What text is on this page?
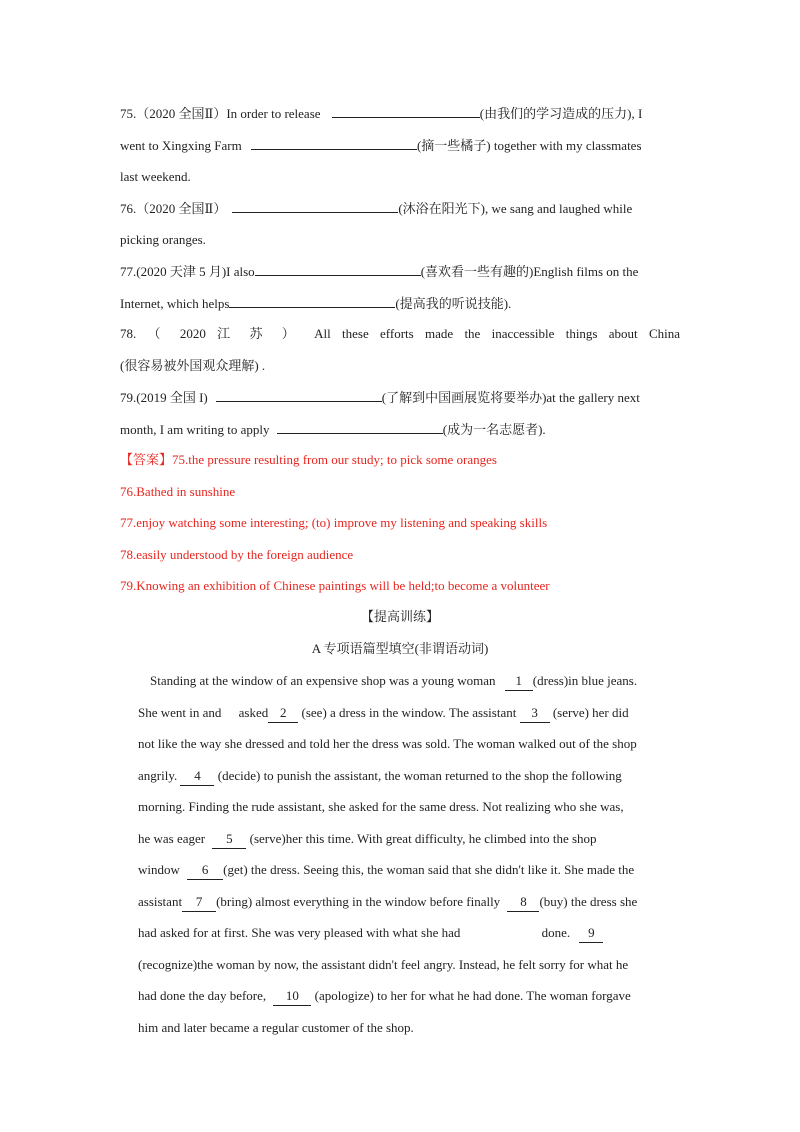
75.（2020 全国Ⅱ）In order to release	(由我们的学习造成的压力), I
went to Xingxing Farm	(摘一些橘子) together with my classmates
last weekend.
76.（2020 全国Ⅱ）	(沐浴在阳光下), we sang and laughed while
picking oranges.
77.(2020 天津 5 月)I also	(喜欢看一些有趣的)English films on the
Internet, which helps	(提高我的听说技能).
78. （ 2020 江 苏 ） All these efforts made the inaccessible things about China
(很容易被外国观众理解) .
79.(2019 全国 I)	(了解到中国画展览将要举办)at the gallery next
month, I am writing to apply	(成为一名志愿者).
【答案】75.the pressure resulting from our study; to pick some oranges
76.Bathed in sunshine
77.enjoy watching some interesting; (to) improve my listening and speaking skills
78.easily understood by the foreign audience
79.Knowing an exhibition of Chinese paintings will be held;to become a volunteer
【提高训练】
A 专项语篇型填空(非谓语动词)
Standing at the window of an expensive shop was a young woman 1 (dress)in blue jeans.
She went in and asked 2 (see) a dress in the window. The assistant 3 (serve) her did
not like the way she dressed and told her the dress was sold. The woman walked out of the shop
angrily. 4 (decide) to punish the assistant, the woman returned to the shop the following
morning. Finding the rude assistant, she asked for the same dress. Not realizing who she was,
he was eager 5 (serve)her this time. With great difficulty, he climbed into the shop
window 6 (get) the dress. Seeing this, the woman said that she didn't like it. She made the
assistant 7 (bring) almost everything in the window before finally 8 (buy) the dress she
had asked for at first. She was very pleased with what she had	done. 9
(recognize)the woman by now, the assistant didn't feel angry. Instead, he felt sorry for what he
had done the day before, 10 (apologize) to her for what he had done. The woman forgave
him and later became a regular customer of the shop.
